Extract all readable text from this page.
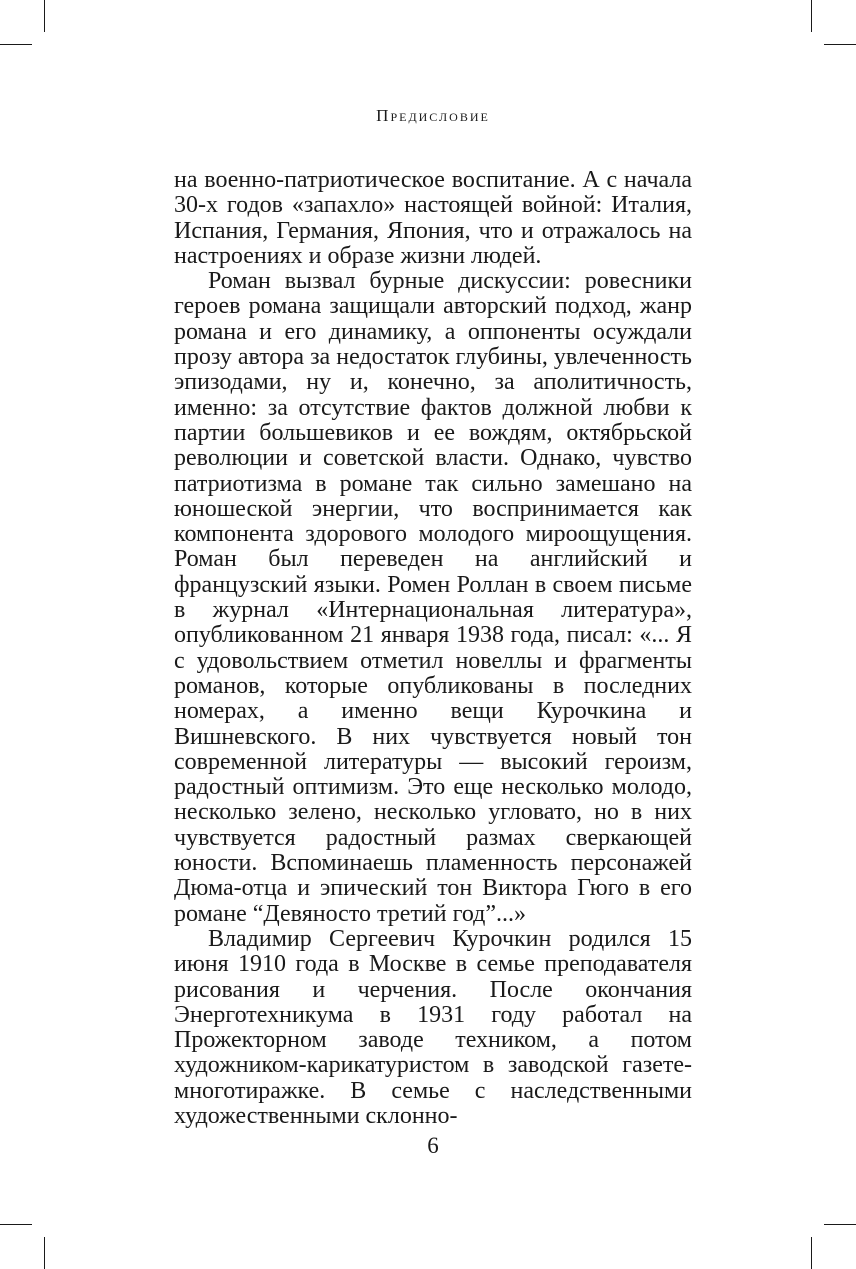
Предисловие

на военно-патриотическое воспитание. А с начала 30-х годов «запахло» настоящей войной: Италия, Испания, Германия, Япония, что и отражалось на настроениях и образе жизни людей.

Роман вызвал бурные дискуссии: ровесники героев романа защищали авторский подход, жанр романа и его динамику, а оппоненты осуждали прозу автора за недостаток глубины, увлеченность эпизодами, ну и, конечно, за аполитичность, именно: за отсутствие фактов должной любви к партии большевиков и ее вождям, октябрьской революции и советской власти. Однако, чувство патриотизма в романе так сильно замешано на юношеской энергии, что воспринимается как компонента здорового молодого мироощущения. Роман был переведен на английский и французский языки. Ромен Роллан в своем письме в журнал «Интернациональная литература», опубликованном 21 января 1938 года, писал: «... Я с удовольствием отметил новеллы и фрагменты романов, которые опубликованы в последних номерах, а именно вещи Курочкина и Вишневского. В них чувствуется новый тон современной литературы — высокий героизм, радостный оптимизм. Это еще несколько молодо, несколько зелено, несколько угловато, но в них чувствуется радостный размах сверкающей юности. Вспоминаешь пламенность персонажей Дюма-отца и эпический тон Виктора Гюго в его романе “Девяносто третий год”...»

Владимир Сергеевич Курочкин родился 15 июня 1910 года в Москве в семье преподавателя рисования и черчения. После окончания Энерготехникума в 1931 году работал на Прожекторном заводе техником, а потом художником-карикатуристом в заводской газете-многотиражке. В семье с наследственными художественными склонно-

6
